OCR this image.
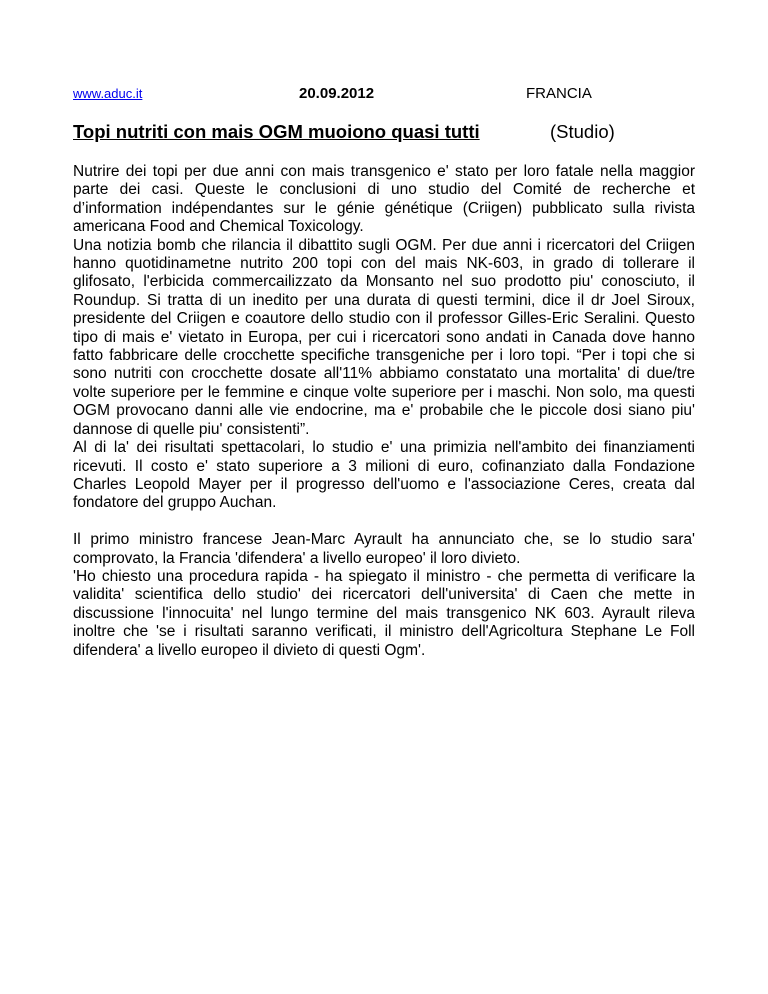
www.aduc.it	20.09.2012	FRANCIA
Topi nutriti con mais OGM muoiono quasi tutti	(Studio)

Nutrire dei topi per due anni con mais transgenico e' stato per loro fatale nella maggior parte dei casi. Queste le conclusioni di uno studio del Comité de recherche et d’information indépendantes sur le génie génétique (Criigen) pubblicato sulla rivista americana Food and Chemical Toxicology.

Una notizia bomb che rilancia il dibattito sugli OGM. Per due anni i ricercatori del Criigen hanno quotidinametne nutrito 200 topi con del mais NK-603, in grado di tollerare il glifosato, l'erbicida commercailizzato da Monsanto nel suo prodotto piu' conosciuto, il Roundup. Si tratta di un inedito per una durata di questi termini, dice il dr Joel Siroux, presidente del Criigen e coautore dello studio con il professor Gilles-Eric Seralini. Questo tipo di mais e' vietato in Europa, per cui i ricercatori sono andati in Canada dove hanno fatto fabbricare delle crocchette specifiche transgeniche per i loro topi. “Per i topi che si sono nutriti con crocchette dosate all'11% abbiamo constatato una mortalita' di due/tre volte superiore per le femmine e cinque volte superiore per i maschi. Non solo, ma questi OGM provocano danni alle vie endocrine, ma e' probabile che le piccole dosi siano piu' dannose di quelle piu' consistenti”.

Al di la' dei risultati spettacolari, lo studio e' una primizia nell'ambito dei finanziamenti ricevuti. Il costo e' stato superiore a 3 milioni di euro, cofinanziato dalla Fondazione Charles Leopold Mayer per il progresso dell'uomo e l'associazione Ceres, creata dal fondatore del gruppo Auchan.

Il primo ministro francese Jean-Marc Ayrault ha annunciato che, se lo studio sara' comprovato, la Francia 'difendera' a livello europeo' il loro divieto.

'Ho chiesto una procedura rapida - ha spiegato il ministro - che permetta di verificare la validita' scientifica dello studio' dei ricercatori dell'universita' di Caen che mette in discussione l'innocuita' nel lungo termine del mais transgenico NK 603. Ayrault rileva inoltre che 'se i risultati saranno verificati, il ministro dell'Agricoltura Stephane Le Foll difendera' a livello europeo il divieto di questi Ogm'.
